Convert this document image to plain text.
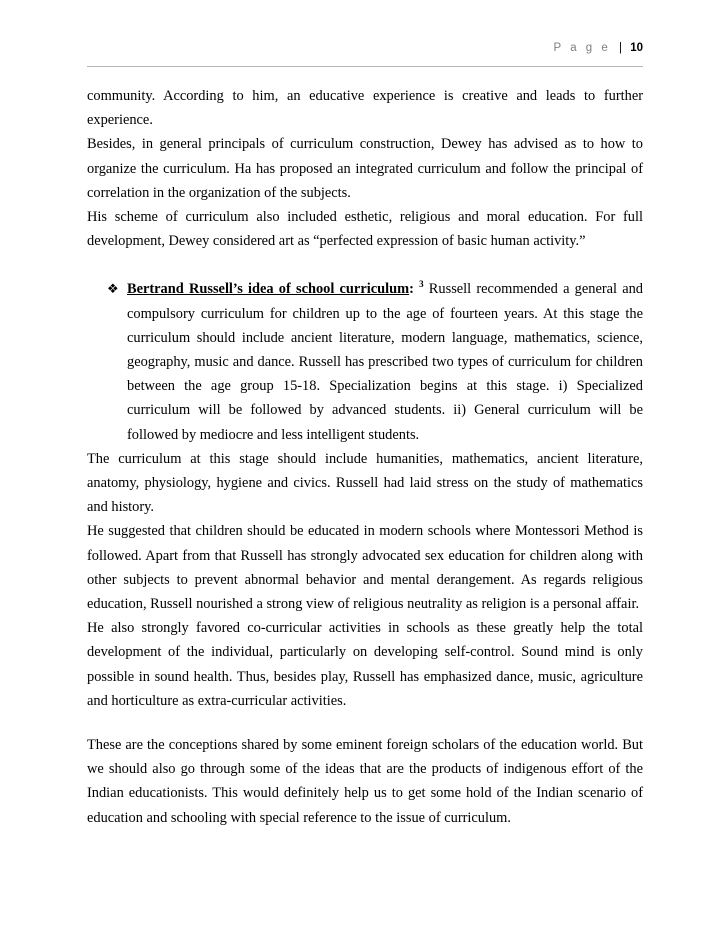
P a g e | 10

community. According to him, an educative experience is creative and leads to further experience.

Besides, in general principals of curriculum construction, Dewey has advised as to how to organize the curriculum. Ha has proposed an integrated curriculum and follow the principal of correlation in the organization of the subjects.

His scheme of curriculum also included esthetic, religious and moral education. For full development, Dewey considered art as “perfected expression of basic human activity.”

❖ Bertrand Russell’s idea of school curriculum: $^3$ Russell recommended a general and compulsory curriculum for children up to the age of fourteen years. At this stage the curriculum should include ancient literature, modern language, mathematics, science, geography, music and dance. Russell has prescribed two types of curriculum for children between the age group 15-18. Specialization begins at this stage. i) Specialized curriculum will be followed by advanced students. ii) General curriculum will be followed by mediocre and less intelligent students.

The curriculum at this stage should include humanities, mathematics, ancient literature, anatomy, physiology, hygiene and civics. Russell had laid stress on the study of mathematics and history.

He suggested that children should be educated in modern schools where Montessori Method is followed. Apart from that Russell has strongly advocated sex education for children along with other subjects to prevent abnormal behavior and mental derangement. As regards religious education, Russell nourished a strong view of religious neutrality as religion is a personal affair.

He also strongly favored co-curricular activities in schools as these greatly help the total development of the individual, particularly on developing self-control. Sound mind is only possible in sound health. Thus, besides play, Russell has emphasized dance, music, agriculture and horticulture as extra-curricular activities.

These are the conceptions shared by some eminent foreign scholars of the education world. But we should also go through some of the ideas that are the products of indigenous effort of the Indian educationists. This would definitely help us to get some hold of the Indian scenario of education and schooling with special reference to the issue of curriculum.
